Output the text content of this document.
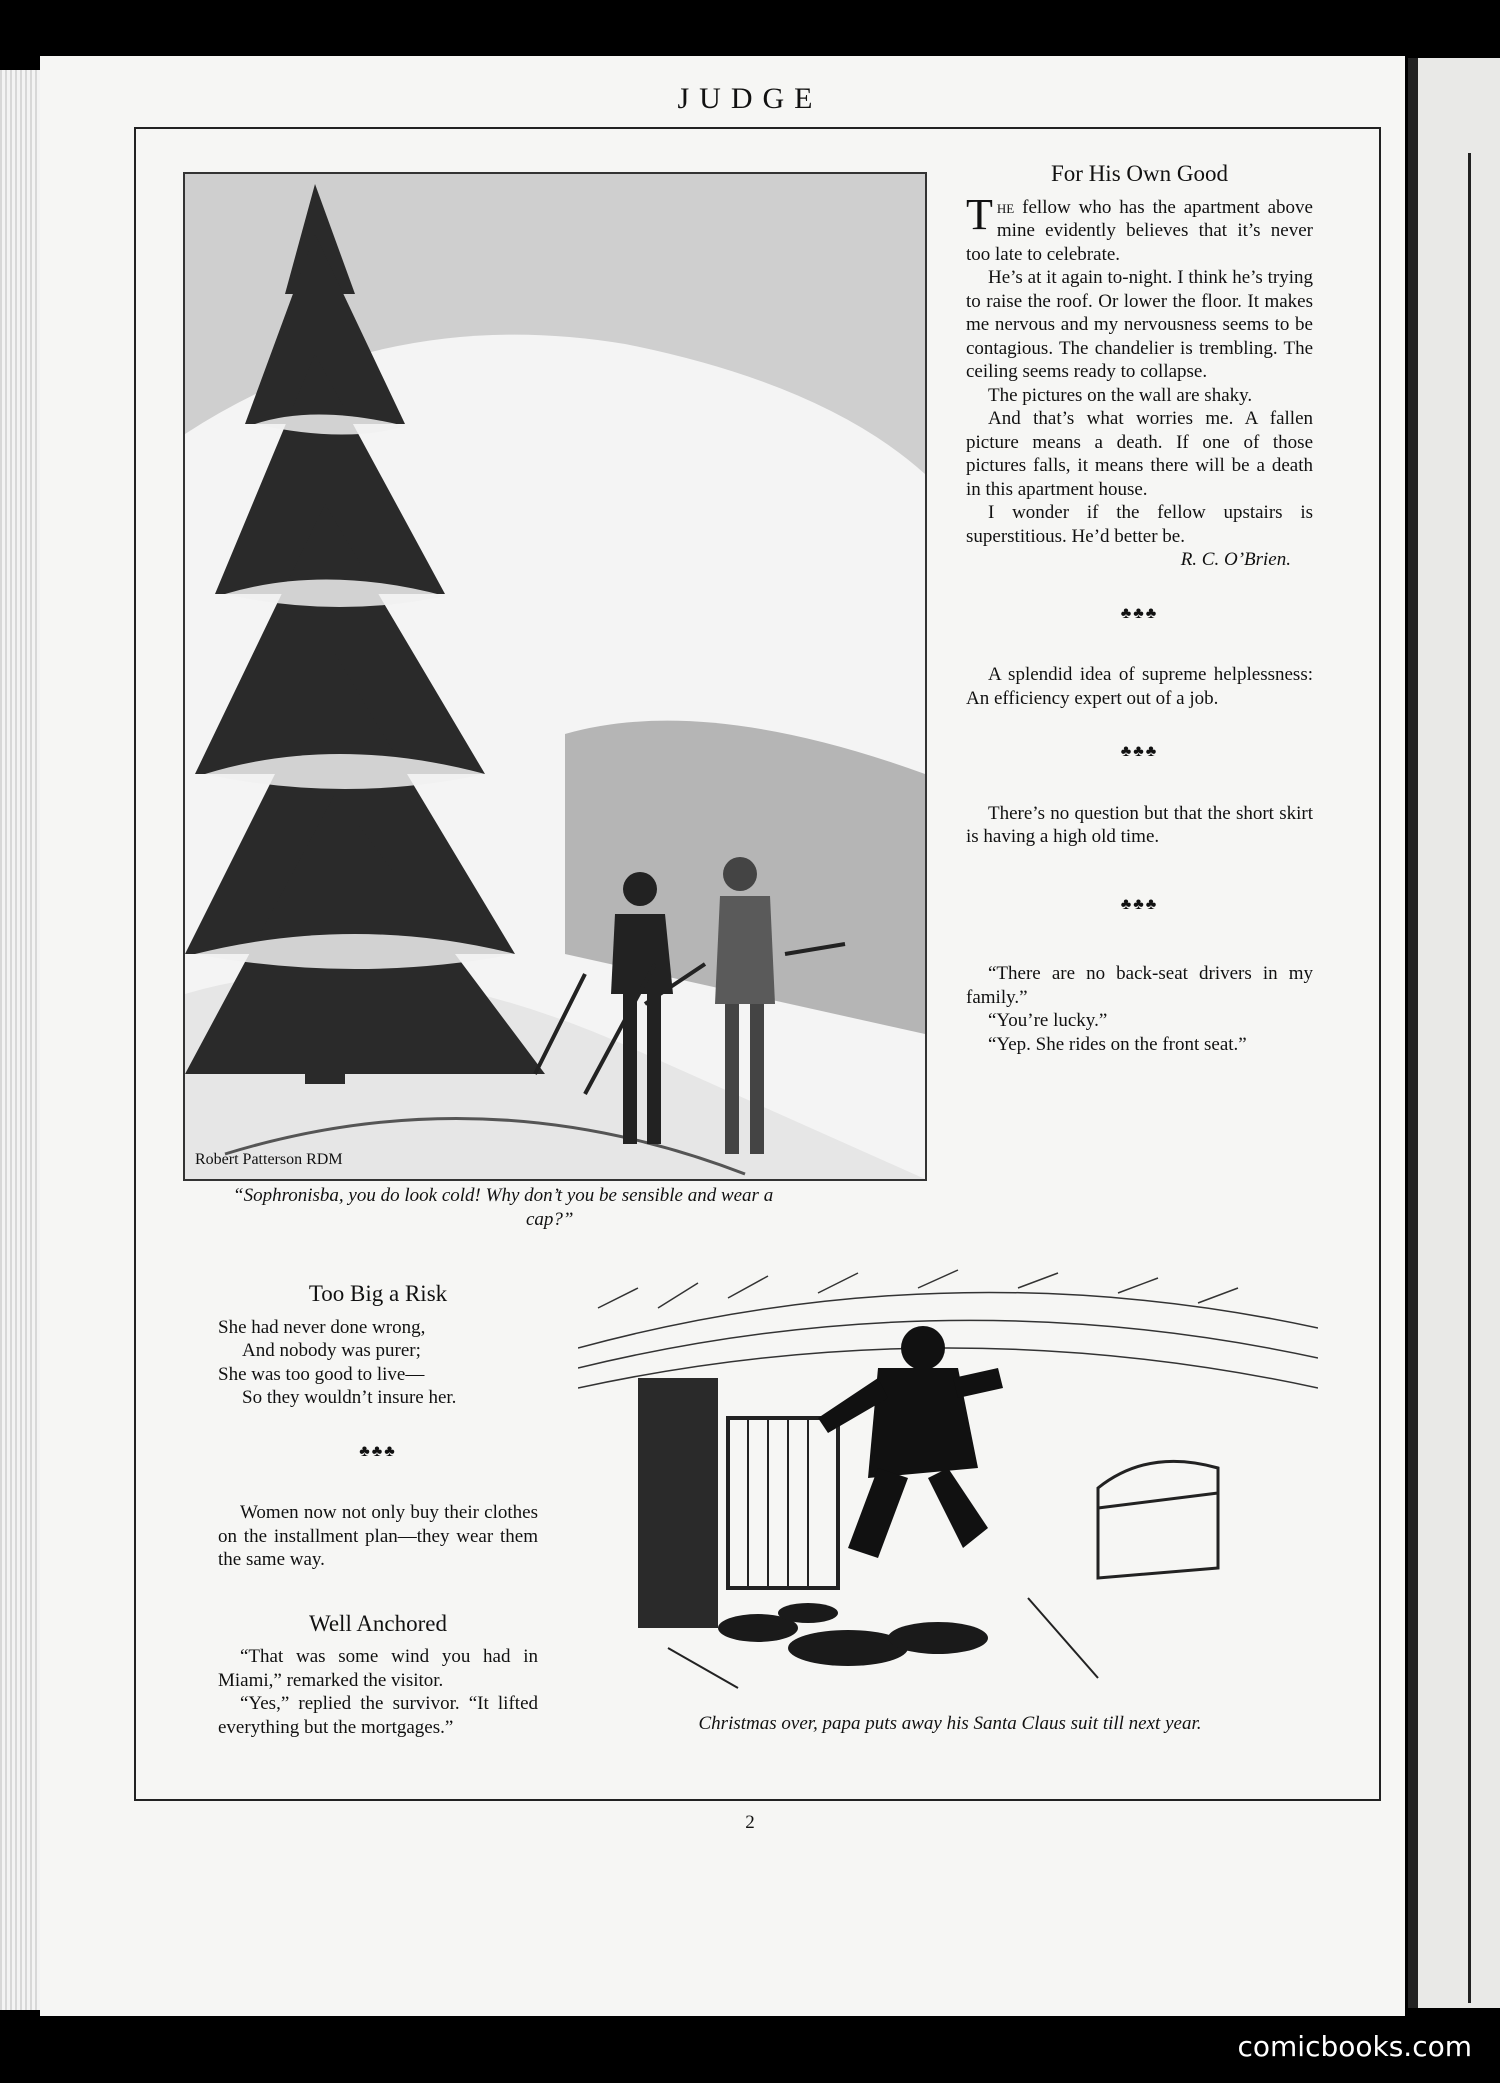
JUDGE
Robert Patterson RDM
“Sophronisba, you do look cold! Why don’t you be sensible and wear a
cap?”
For His Own Good

The fellow who has the apartment above mine evidently believes that it’s never too late to celebrate.

He’s at it again to-night. I think he’s trying to raise the roof. Or lower the floor. It makes me nervous and my nervousness seems to be contagious. The chandelier is trembling. The ceiling seems ready to collapse.

The pictures on the wall are shaky.

And that’s what worries me. A fallen picture means a death. If one of those pictures falls, it means there will be a death in this apartment house.

I wonder if the fellow upstairs is superstitious. He’d better be.

R. C. O’Brien.
♣♣♣

A splendid idea of supreme helplessness: An efficiency expert out of a job.

♣♣♣

There’s no question but that the short skirt is having a high old time.

♣♣♣

“There are no back-seat drivers in my family.”

“You’re lucky.”

“Yep. She rides on the front seat.”

Too Big a Risk

She had never done wrong,

And nobody was purer;

She was too good to live—

So they wouldn’t insure her.

♣♣♣

Women now not only buy their clothes on the installment plan—they wear them the same way.

Well Anchored

“That was some wind you had in Miami,” remarked the visitor.

“Yes,” replied the survivor. “It lifted everything but the mortgages.”	Christmas over, papa puts away his Santa Claus suit till next year.
2
comicbooks.com
